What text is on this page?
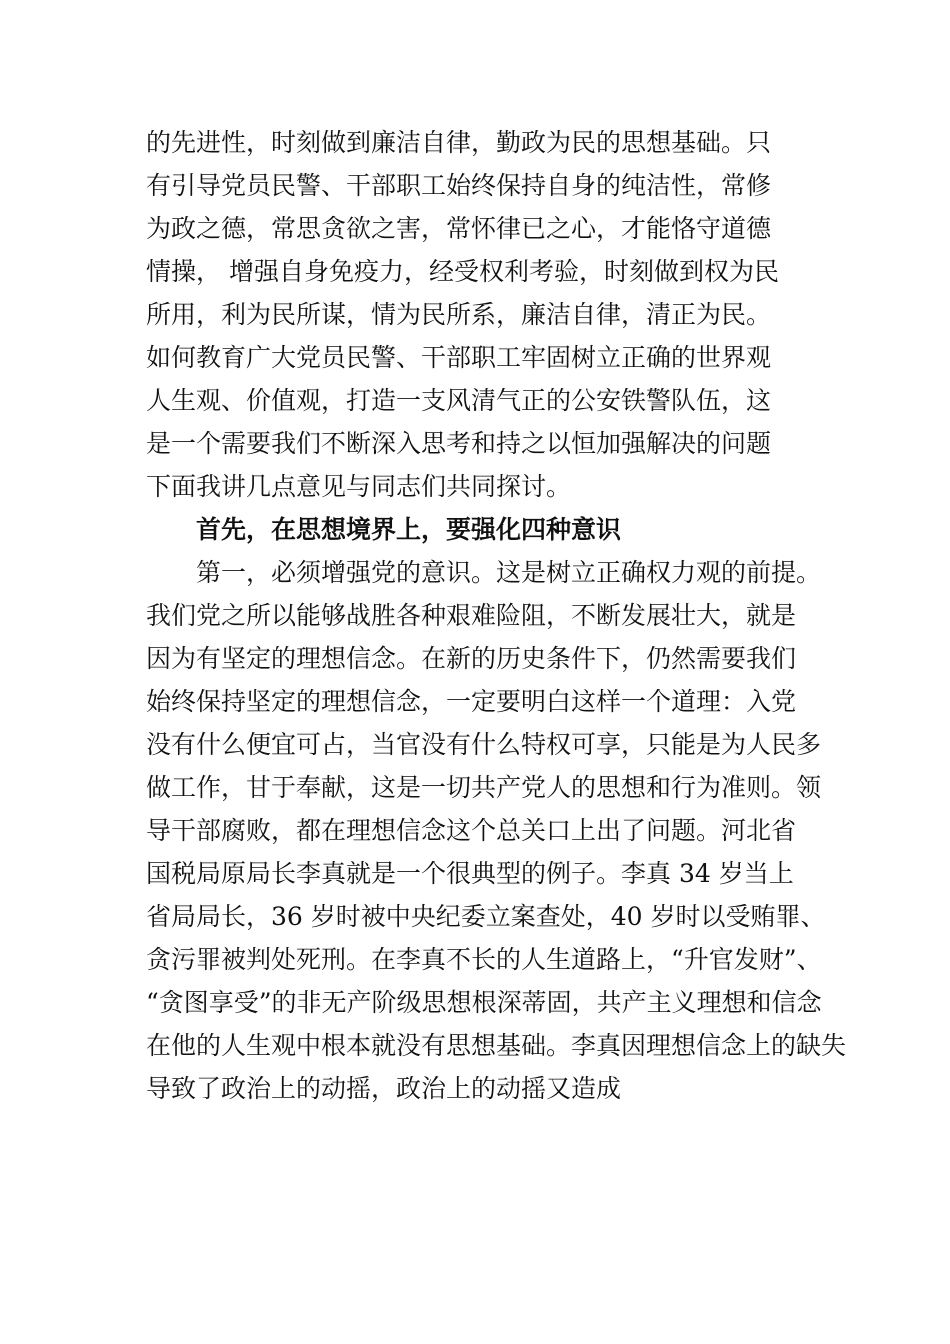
的先进性，时刻做到廉洁自律，勤政为民的思想基础。只
有引导党员民警、干部职工始终保持自身的纯洁性，常修
为政之德，常思贪欲之害，常怀律已之心，才能恪守道德
情操， 增强自身免疫力，经受权利考验，时刻做到权为民
所用，利为民所谋，情为民所系，廉洁自律，清正为民。
如何教育广大党员民警、干部职工牢固树立正确的世界观
人生观、价值观，打造一支风清气正的公安铁警队伍，这
是一个需要我们不断深入思考和持之以恒加强解决的问题
下面我讲几点意见与同志们共同探讨。
首先，在思想境界上，要强化四种意识
第一，必须增强党的意识。这是树立正确权力观的前提。
我们党之所以能够战胜各种艰难险阻，不断发展壮大，就是
因为有坚定的理想信念。在新的历史条件下，仍然需要我们
始终保持坚定的理想信念，一定要明白这样一个道理：入党
没有什么便宜可占，当官没有什么特权可享，只能是为人民多
做工作，甘于奉献，这是一切共产党人的思想和行为准则。领
导干部腐败，都在理想信念这个总关口上出了问题。河北省
国税局原局长李真就是一个很典型的例子。李真 34 岁当上
省局局长，36 岁时被中央纪委立案查处，40 岁时以受贿罪、
贪污罪被判处死刑。在李真不长的人生道路上，“升官发财”、
“贪图享受”的非无产阶级思想根深蒂固，共产主义理想和信念
在他的人生观中根本就没有思想基础。李真因理想信念上的缺失
导致了政治上的动摇，政治上的动摇又造成
